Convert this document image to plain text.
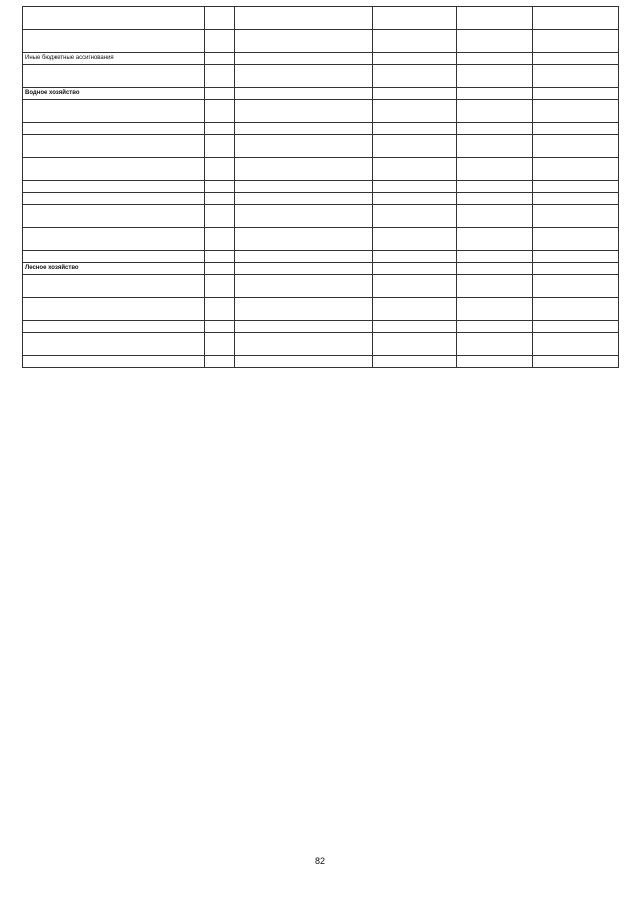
Иные бюджетные ассигнования					

Водное хозяйство					

Лесное хозяйство					

82
